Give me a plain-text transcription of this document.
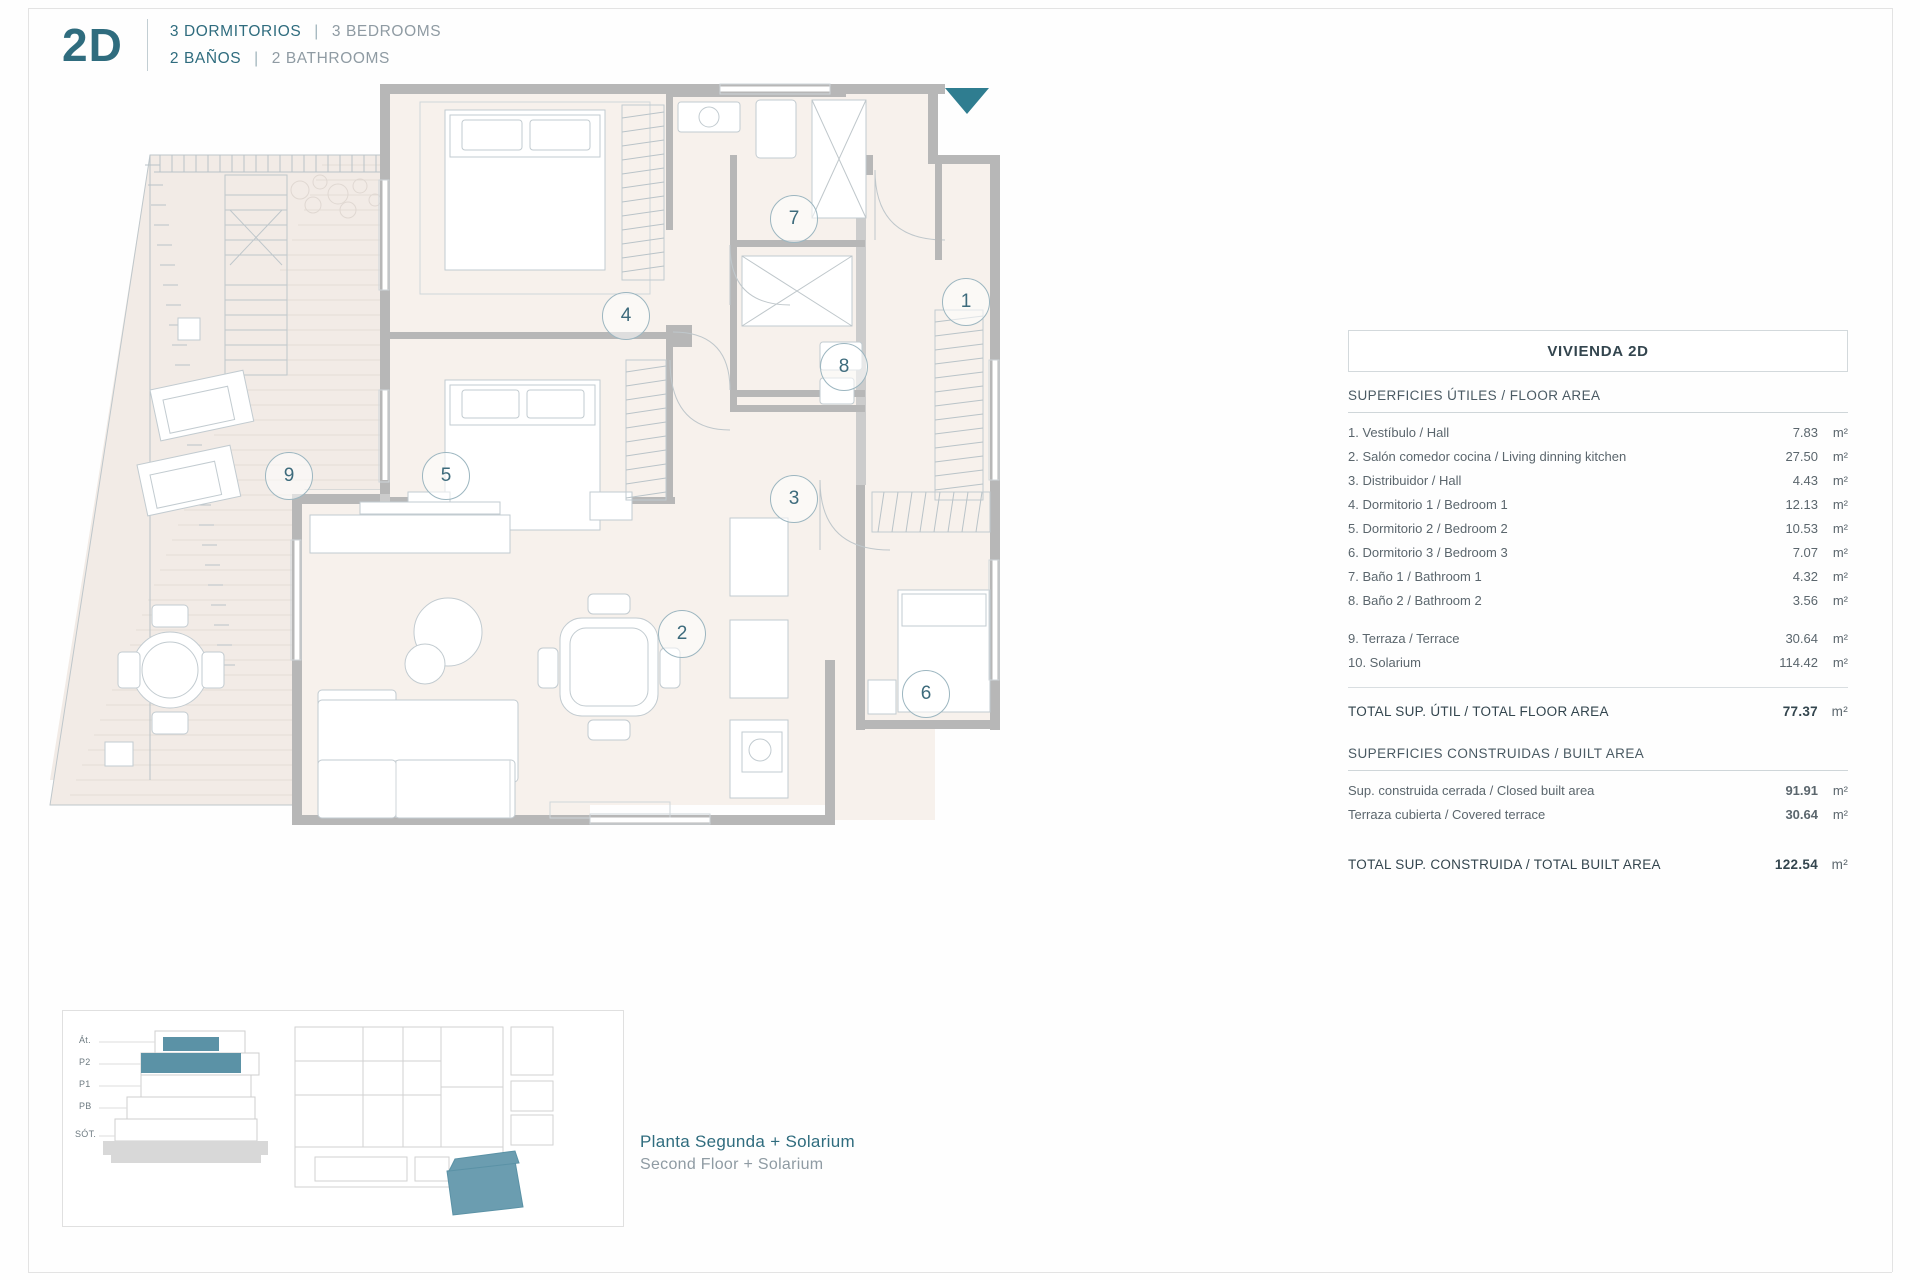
2D	3 DORMITORIOS | 3 BEDROOMS
2 BAÑOS | 2 BATHROOMS
1
2
3
4
5
6
7
8
9
VIVIENDA 2D
SUPERFICIES ÚTILES / FLOOR AREA
1. Vestíbulo / Hall	7.83	m²
2. Salón comedor cocina / Living dinning kitchen	27.50	m²
3. Distribuidor / Hall	4.43	m²
4. Dormitorio 1 / Bedroom 1	12.13	m²
5. Dormitorio 2 / Bedroom 2	10.53	m²
6. Dormitorio 3 / Bedroom 3	7.07	m²
7. Baño 1 / Bathroom 1	4.32	m²
8. Baño 2 / Bathroom 2	3.56	m²
9. Terraza / Terrace	30.64	m²
10. Solarium	114.42	m²
TOTAL SUP. ÚTIL / TOTAL FLOOR AREA	77.37	m²
SUPERFICIES CONSTRUIDAS / BUILT AREA
Sup. construida cerrada / Closed built area	91.91	m²
Terraza cubierta / Covered terrace	30.64	m²
TOTAL SUP. CONSTRUIDA / TOTAL BUILT AREA	122.54	m²
Át.
P2
P1
PB
SÓT.	Planta Segunda + Solarium
Second Floor + Solarium
